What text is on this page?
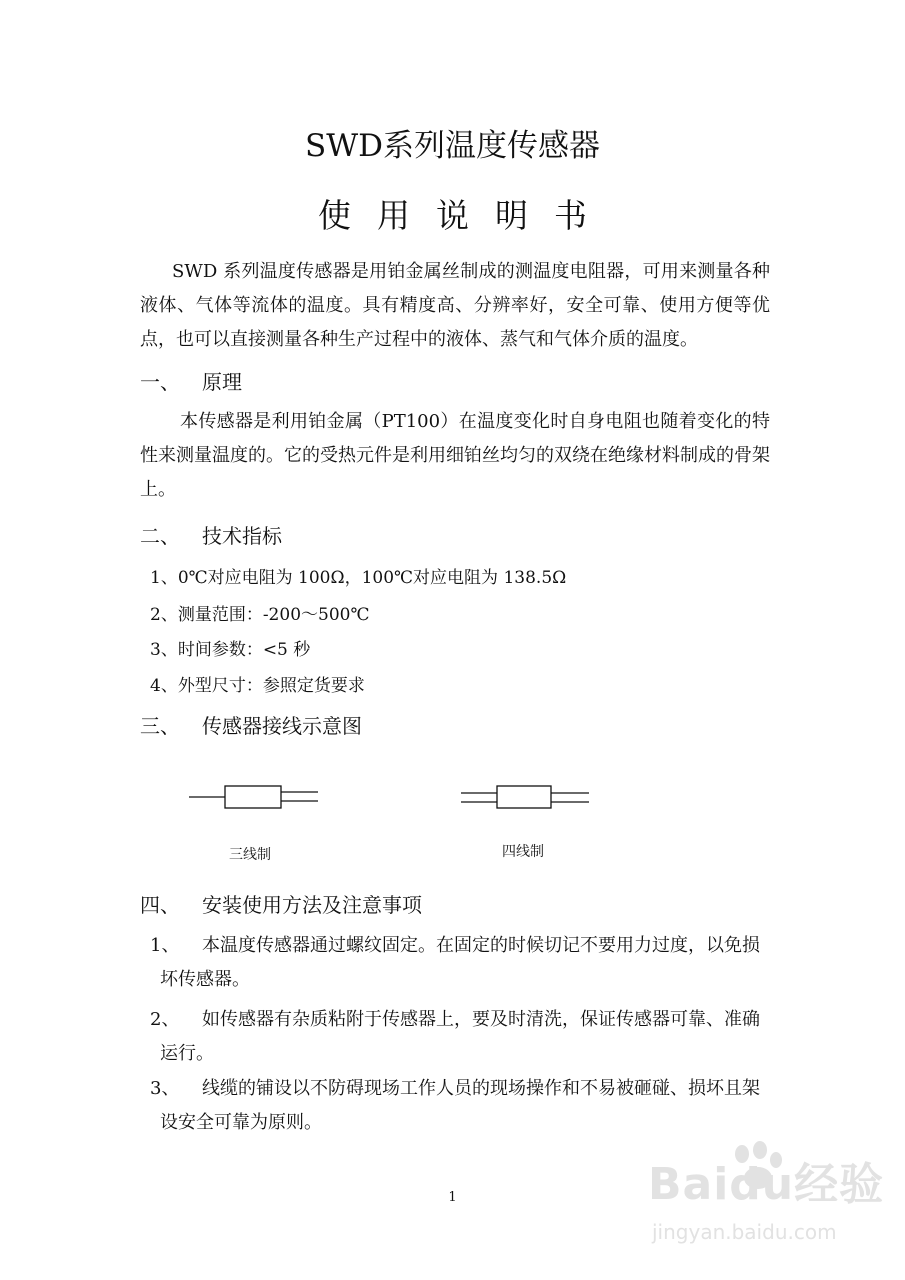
SWD系列温度传感器
使用说明书
SWD 系列温度传感器是用铂金属丝制成的测温度电阻器，可用来测量各种液体、气体等流体的温度。具有精度高、分辨率好，安全可靠、使用方便等优点，也可以直接测量各种生产过程中的液体、蒸气和气体介质的温度。
一、	原理
本传感器是利用铂金属（PT100）在温度变化时自身电阻也随着变化的特性来测量温度的。它的受热元件是利用细铂丝均匀的双绕在绝缘材料制成的骨架上。
二、	技术指标
1、0℃对应电阻为 100Ω，100℃对应电阻为 138.5Ω
2、测量范围：-200～500℃
3、时间参数：<5 秒
4、外型尺寸：参照定货要求
三、	传感器接线示意图
三线制	四线制
四、	安装使用方法及注意事项
1、 本温度传感器通过螺纹固定。在固定的时候切记不要用力过度，以免损
坏传感器。
2、 如传感器有杂质粘附于传感器上，要及时清洗，保证传感器可靠、准确
运行。
3、 线缆的铺设以不防碍现场工作人员的现场操作和不易被砸碰、损坏且架
设安全可靠为原则。
1	Baidu经验
jingyan.baidu.com
